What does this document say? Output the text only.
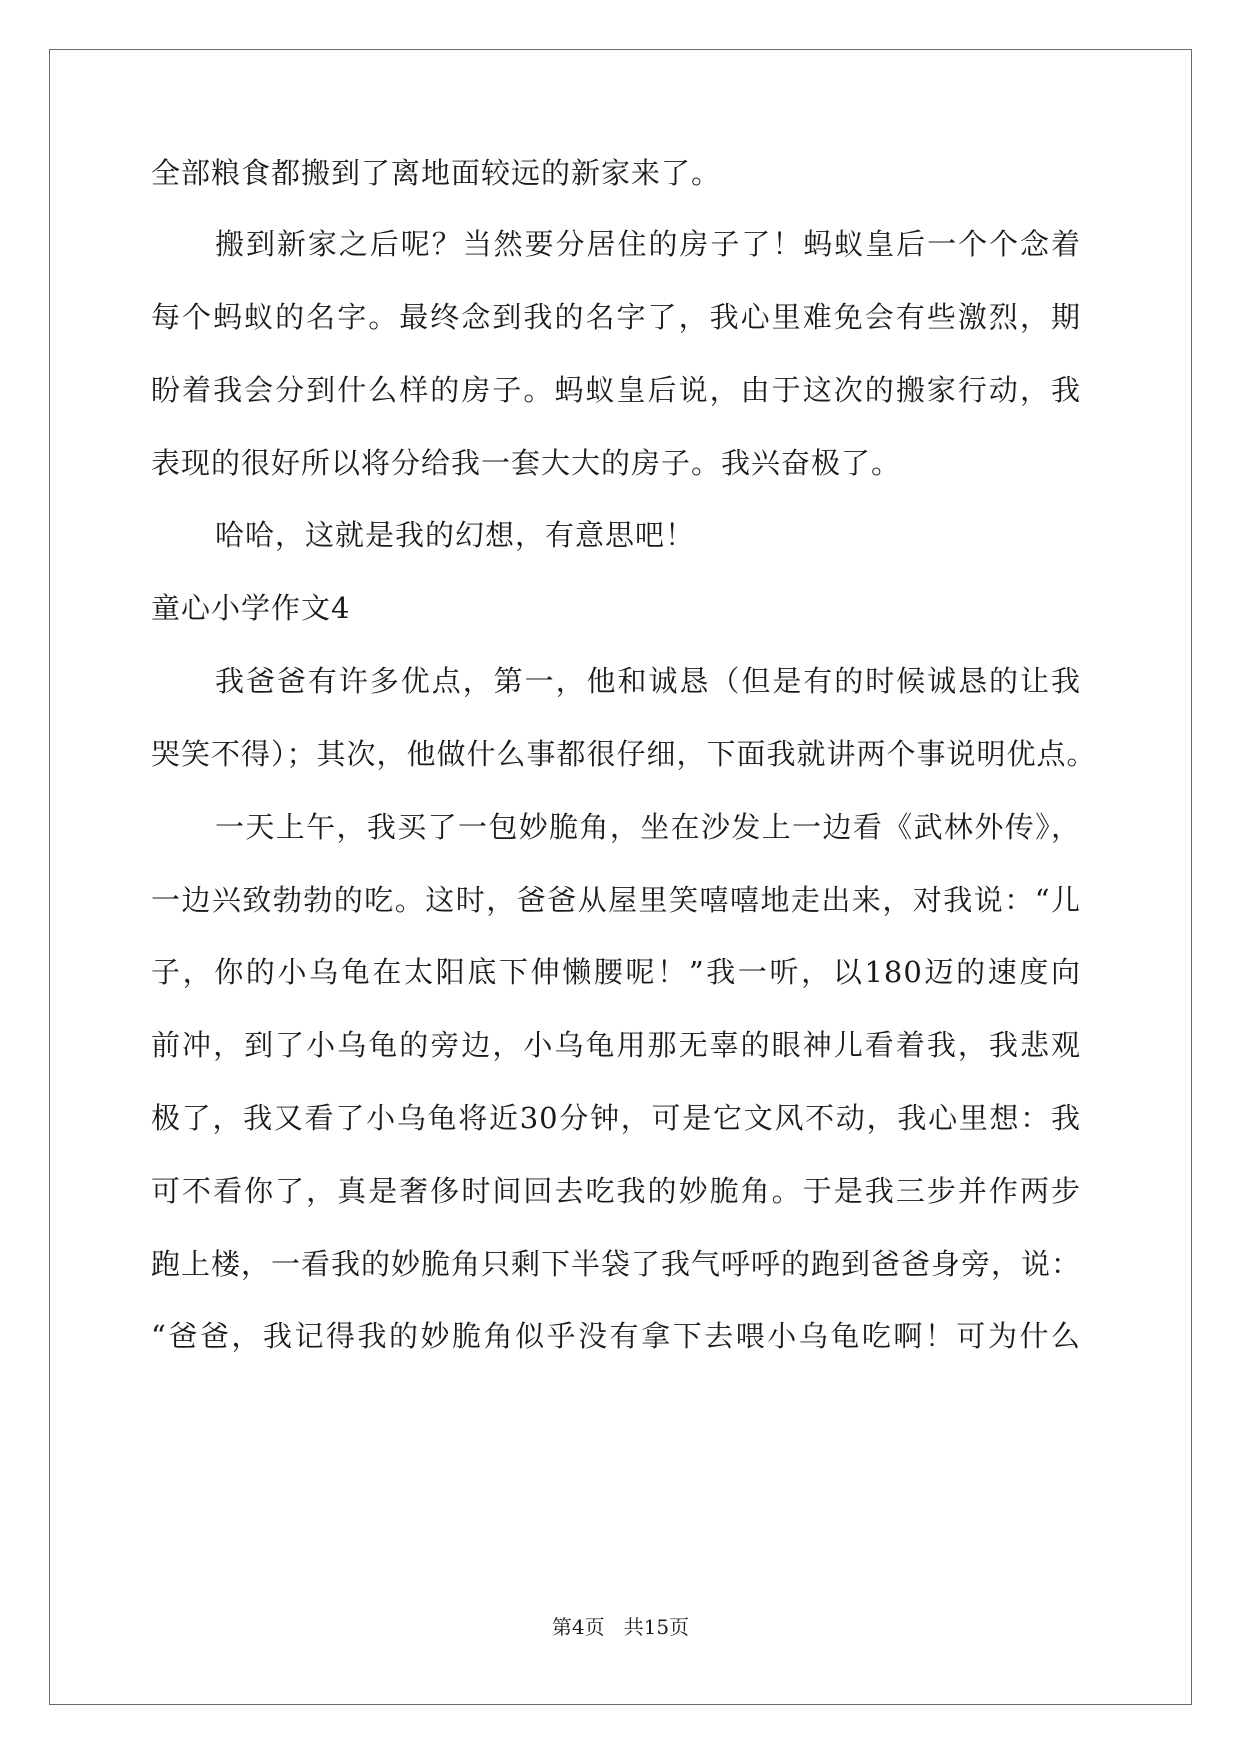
全部粮食都搬到了离地面较远的新家来了。
搬到新家之后呢？当然要分居住的房子了！蚂蚁皇后一个个念着
每个蚂蚁的名字。最终念到我的名字了，我心里难免会有些激烈，期
盼着我会分到什么样的房子。蚂蚁皇后说，由于这次的搬家行动，我
表现的很好所以将分给我一套大大的房子。我兴奋极了。
哈哈，这就是我的幻想，有意思吧！
童心小学作文4
我爸爸有许多优点，第一，他和诚恳（但是有的时候诚恳的让我
哭笑不得）；其次，他做什么事都很仔细，下面我就讲两个事说明优点。
一天上午，我买了一包妙脆角，坐在沙发上一边看《武林外传》，
一边兴致勃勃的吃。这时，爸爸从屋里笑嘻嘻地走出来，对我说：“儿
子，你的小乌龟在太阳底下伸懒腰呢！”我一听，以180迈的速度向
前冲，到了小乌龟的旁边，小乌龟用那无辜的眼神儿看着我，我悲观
极了，我又看了小乌龟将近30分钟，可是它文风不动，我心里想：我
可不看你了，真是奢侈时间回去吃我的妙脆角。于是我三步并作两步
跑上楼，一看我的妙脆角只剩下半袋了我气呼呼的跑到爸爸身旁，说：
“爸爸，我记得我的妙脆角似乎没有拿下去喂小乌龟吃啊！可为什么
第4页   共15页
